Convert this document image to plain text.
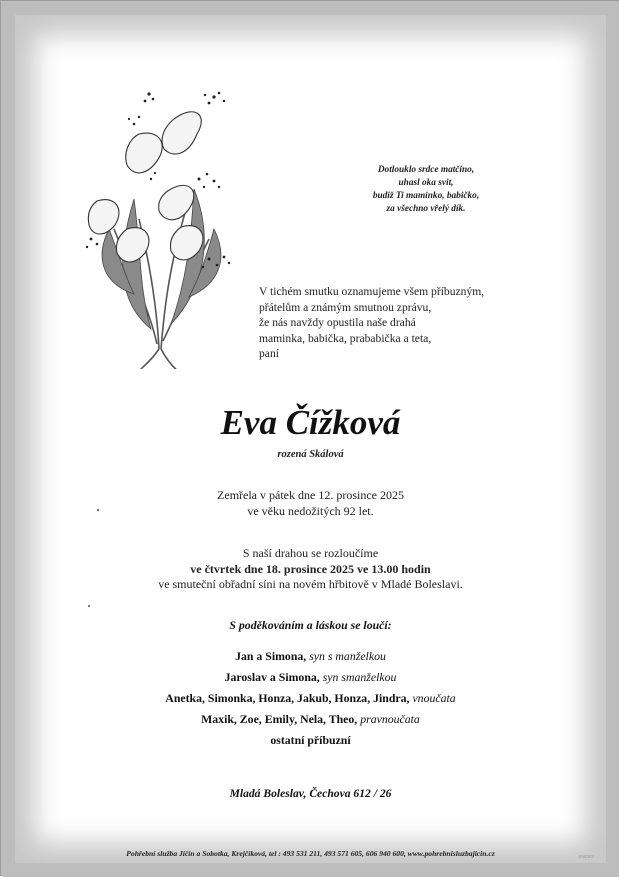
Dotlouklo srdce matčino,
uhasl oka svit,
budiž Ti maminko, babičko,
za všechno vřelý dík.
V tichém smutku oznamujeme všem příbuzným,
přátelům a známým smutnou zprávu,
že nás navždy opustila naše drahá
maminka, babička, prababička a teta,
paní
Eva Čížková
rozená Skálová
Zemřela v pátek dne 12. prosince 2025
ve věku nedožitých 92 let.
S naší drahou se rozloučíme
ve čtvrtek dne 18. prosince 2025 ve 13.00 hodin
ve smuteční obřadní síni na novém hřbitově v Mladé Boleslavi.
S poděkováním a láskou se loučí:
Jan a Simona, syn s manželkou
Jaroslav a Simona, syn smanželkou
Anetka, Simonka, Honza, Jakub, Honza, Jindra, vnoučata
Maxik, Zoe, Emily, Nela, Theo, pravnoučata
ostatní příbuzní
Mladá Boleslav, Čechova 612 / 26
Pohřební služba Jičín a Sobotka, Krejčíková, tel : 493 531 211, 493 571 605, 606 940 600, www.pohrebnisluzbajicin.cz	ENCES
